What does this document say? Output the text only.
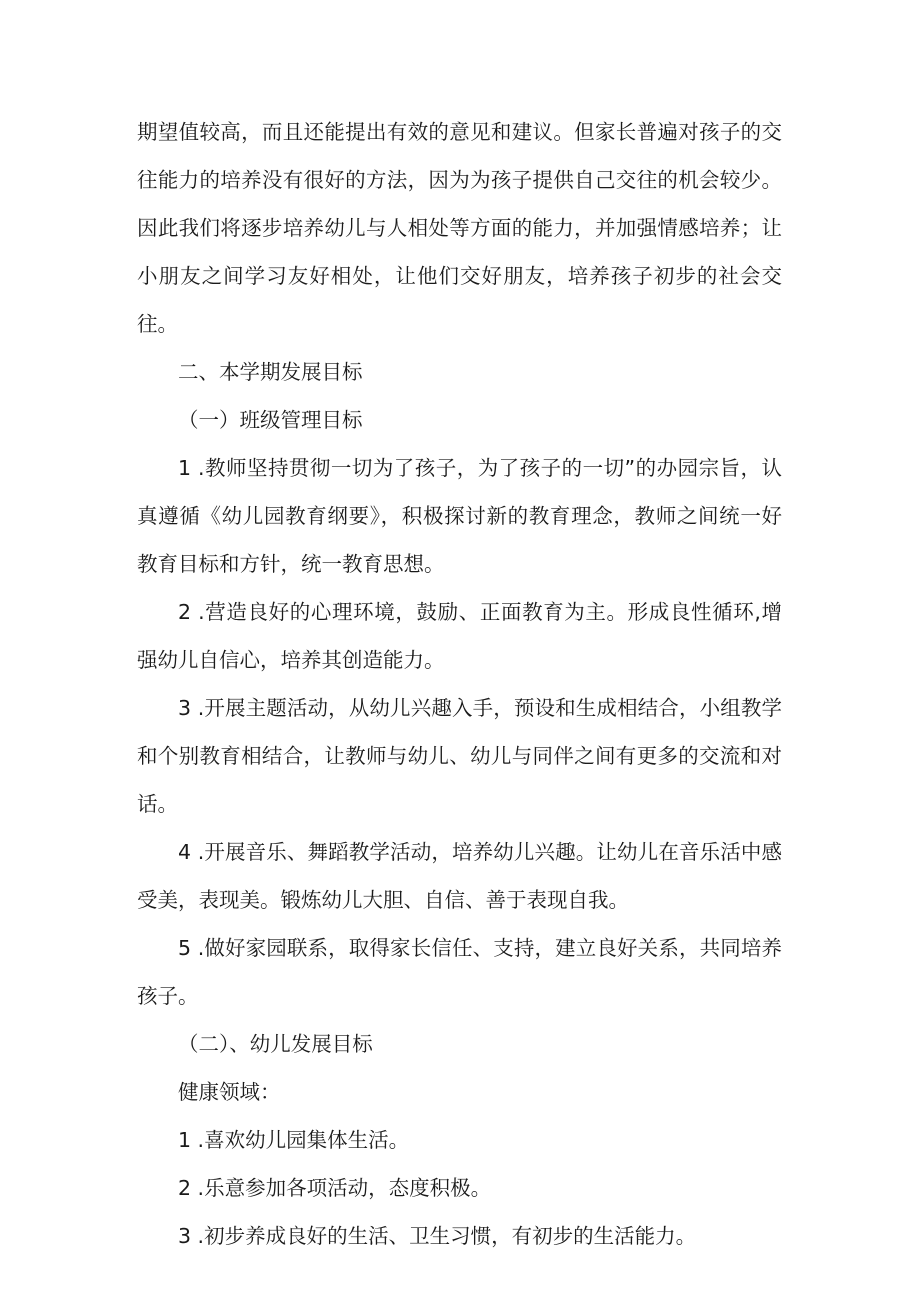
期望值较高，而且还能提出有效的意见和建议。但家长普遍对孩子的交往能力的培养没有很好的方法，因为为孩子提供自己交往的机会较少。因此我们将逐步培养幼儿与人相处等方面的能力，并加强情感培养；让小朋友之间学习友好相处，让他们交好朋友，培养孩子初步的社会交往。

二、本学期发展目标

（一）班级管理目标

1 .教师坚持贯彻一切为了孩子，为了孩子的一切”的办园宗旨，认真遵循《幼儿园教育纲要》，积极探讨新的教育理念，教师之间统一好教育目标和方针，统一教育思想。

2 .营造良好的心理环境，鼓励、正面教育为主。形成良性循环,增强幼儿自信心，培养其创造能力。

3 .开展主题活动，从幼儿兴趣入手，预设和生成相结合，小组教学和个别教育相结合，让教师与幼儿、幼儿与同伴之间有更多的交流和对话。

4 .开展音乐、舞蹈教学活动，培养幼儿兴趣。让幼儿在音乐活中感受美，表现美。锻炼幼儿大胆、自信、善于表现自我。

5 .做好家园联系，取得家长信任、支持，建立良好关系，共同培养孩子。

（二）、幼儿发展目标

健康领域：

1 .喜欢幼儿园集体生活。

2 .乐意参加各项活动，态度积极。

3 .初步养成良好的生活、卫生习惯，有初步的生活能力。
